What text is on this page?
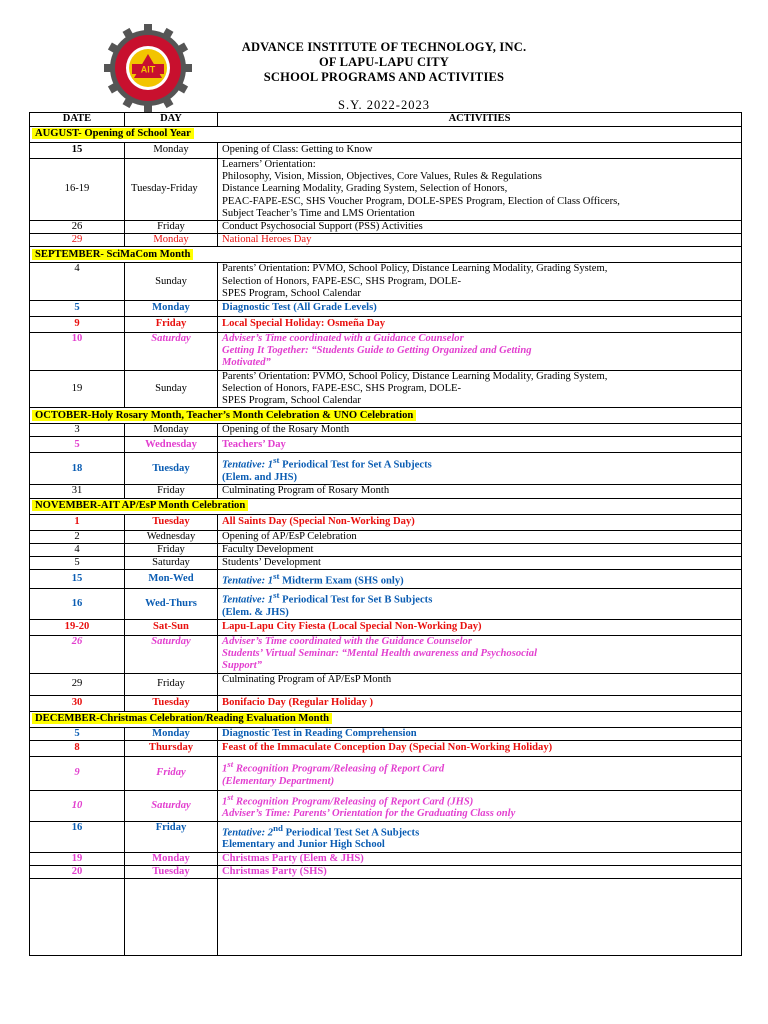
AIT
ADVANCE INSTITUTE OF TECHNOLOGY, INC.
OF LAPU-LAPU CITY
SCHOOL PROGRAMS AND ACTIVITIES
S.Y. 2022-2023
DATE	DAY	ACTIVITIES
AUGUST- Opening of School Year		
15	Monday	Opening of Class: Getting to Know
16-19	Tuesday-Friday	Learners’ Orientation:
Philosophy, Vision, Mission, Objectives, Core Values, Rules & Regulations
Distance Learning Modality, Grading System, Selection of Honors,
PEAC-FAPE-ESC, SHS Voucher Program, DOLE-SPES Program, Election of Class Officers,
Subject Teacher’s Time and LMS Orientation

26	Friday	Conduct Psychosocial Support (PSS) Activities
29	Monday	National Heroes Day
SEPTEMBER- SciMaCom Month		
4	Sunday	Parents’ Orientation: PVMO, School Policy, Distance Learning Modality, Grading System,
Selection of Honors, FAPE-ESC, SHS Program, DOLE-
SPES Program, School Calendar

5	Monday	Diagnostic Test (All Grade Levels)
9	Friday	Local Special Holiday: Osmeña Day
10	Saturday	Adviser’s Time coordinated with a Guidance Counselor
Getting It Together: “Students Guide to Getting Organized and Getting
Motivated”

19	Sunday	Parents’ Orientation: PVMO, School Policy, Distance Learning Modality, Grading System,
Selection of Honors, FAPE-ESC, SHS Program, DOLE-
SPES Program, School Calendar

OCTOBER-Holy Rosary Month, Teacher’s Month Celebration & UNO Celebration		
3	Monday	Opening of the Rosary Month
5	Wednesday	Teachers’ Day
18	Tuesday	Tentative: 1st Periodical Test for Set A Subjects
(Elem. and JHS)

31	Friday	Culminating Program of Rosary Month
NOVEMBER-AIT AP/EsP Month Celebration		
1	Tuesday	All Saints Day (Special Non-Working Day)
2	Wednesday	Opening of AP/EsP Celebration
4	Friday	Faculty Development
5	Saturday	Students’ Development
15	Mon-Wed	Tentative: 1st Midterm Exam (SHS only)
16	Wed-Thurs	Tentative: 1st Periodical Test for Set B Subjects
(Elem. & JHS)

19-20	Sat-Sun	Lapu-Lapu City Fiesta (Local Special Non-Working Day)
26	Saturday	Adviser’s Time coordinated with the Guidance Counselor
Students’ Virtual Seminar: “Mental Health awareness and Psychosocial
Support”

29	Friday	Culminating Program of AP/EsP Month
30	Tuesday	Bonifacio Day (Regular Holiday )
DECEMBER-Christmas Celebration/Reading Evaluation Month		
5	Monday	Diagnostic Test in Reading Comprehension
8	Thursday	Feast of the Immaculate Conception Day (Special Non-Working Holiday)
9	Friday	1st Recognition Program/Releasing of Report Card
(Elementary Department)

10	Saturday	1st Recognition Program/Releasing of Report Card (JHS)
Adviser’s Time: Parents’ Orientation for the Graduating Class only

16	Friday	Tentative: 2nd Periodical Test Set A Subjects
Elementary and Junior High School

19	Monday	Christmas Party (Elem & JHS)
20	Tuesday	Christmas Party (SHS)
